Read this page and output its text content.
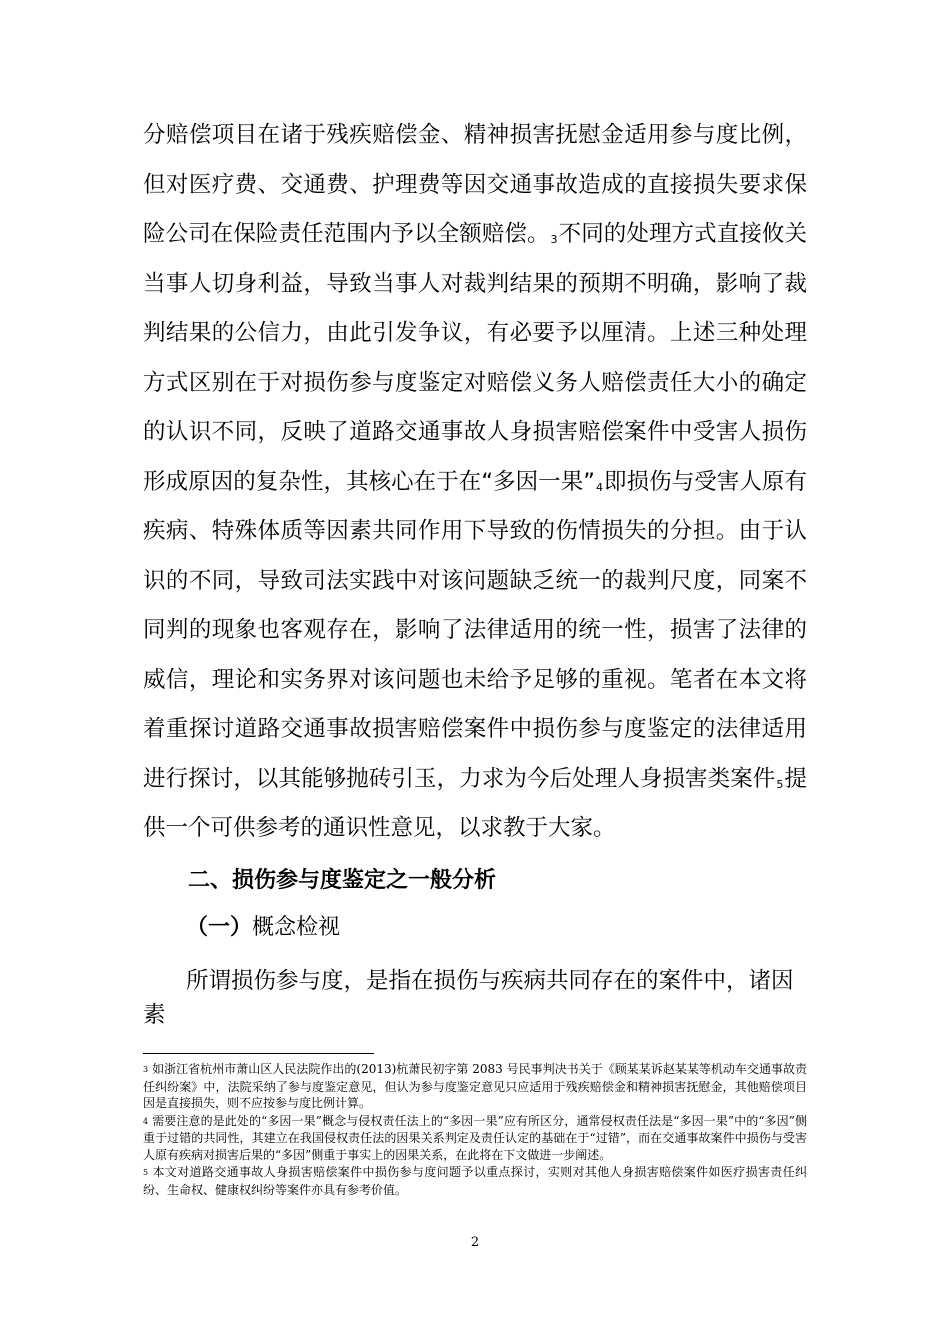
分赔偿项目在诸于残疾赔偿金、精神损害抚慰金适用参与度比例，但对医疗费、交通费、护理费等因交通事故造成的直接损失要求保险公司在保险责任范围内予以全额赔偿。$^3$不同的处理方式直接攸关当事人切身利益，导致当事人对裁判结果的预期不明确，影响了裁判结果的公信力，由此引发争议，有必要予以厘清。上述三种处理方式区别在于对损伤参与度鉴定对赔偿义务人赔偿责任大小的确定的认识不同，反映了道路交通事故人身损害赔偿案件中受害人损伤形成原因的复杂性，其核心在于在“多因一果”$^4$即损伤与受害人原有疾病、特殊体质等因素共同作用下导致的伤情损失的分担。由于认识的不同，导致司法实践中对该问题缺乏统一的裁判尺度，同案不同判的现象也客观存在，影响了法律适用的统一性，损害了法律的威信，理论和实务界对该问题也未给予足够的重视。笔者在本文将着重探讨道路交通事故损害赔偿案件中损伤参与度鉴定的法律适用进行探讨，以其能够抛砖引玉，力求为今后处理人身损害类案件$^5$提供一个可供参考的通识性意见，以求教于大家。

二、损伤参与度鉴定之一般分析
（一）概念检视
所谓损伤参与度，是指在损伤与疾病共同存在的案件中，诸因素

3 如浙江省杭州市萧山区人民法院作出的(2013)杭萧民初字第 2083 号民事判决书关于《顾某某诉赵某某等机动车交通事故责任纠纷案》中，法院采纳了参与度鉴定意见，但认为参与度鉴定意见只应适用于残疾赔偿金和精神损害抚慰金，其他赔偿项目因是直接损失，则不应按参与度比例计算。

4 需要注意的是此处的“多因一果”概念与侵权责任法上的“多因一果”应有所区分，通常侵权责任法是“多因一果”中的“多因”侧重于过错的共同性，其建立在我国侵权责任法的因果关系判定及责任认定的基础在于“过错”，而在交通事故案件中损伤与受害人原有疾病对损害后果的“多因”侧重于事实上的因果关系，在此将在下文做进一步阐述。

5 本文对道路交通事故人身损害赔偿案件中损伤参与度问题予以重点探讨，实则对其他人身损害赔偿案件如医疗损害责任纠纷、生命权、健康权纠纷等案件亦具有参考价值。

2
